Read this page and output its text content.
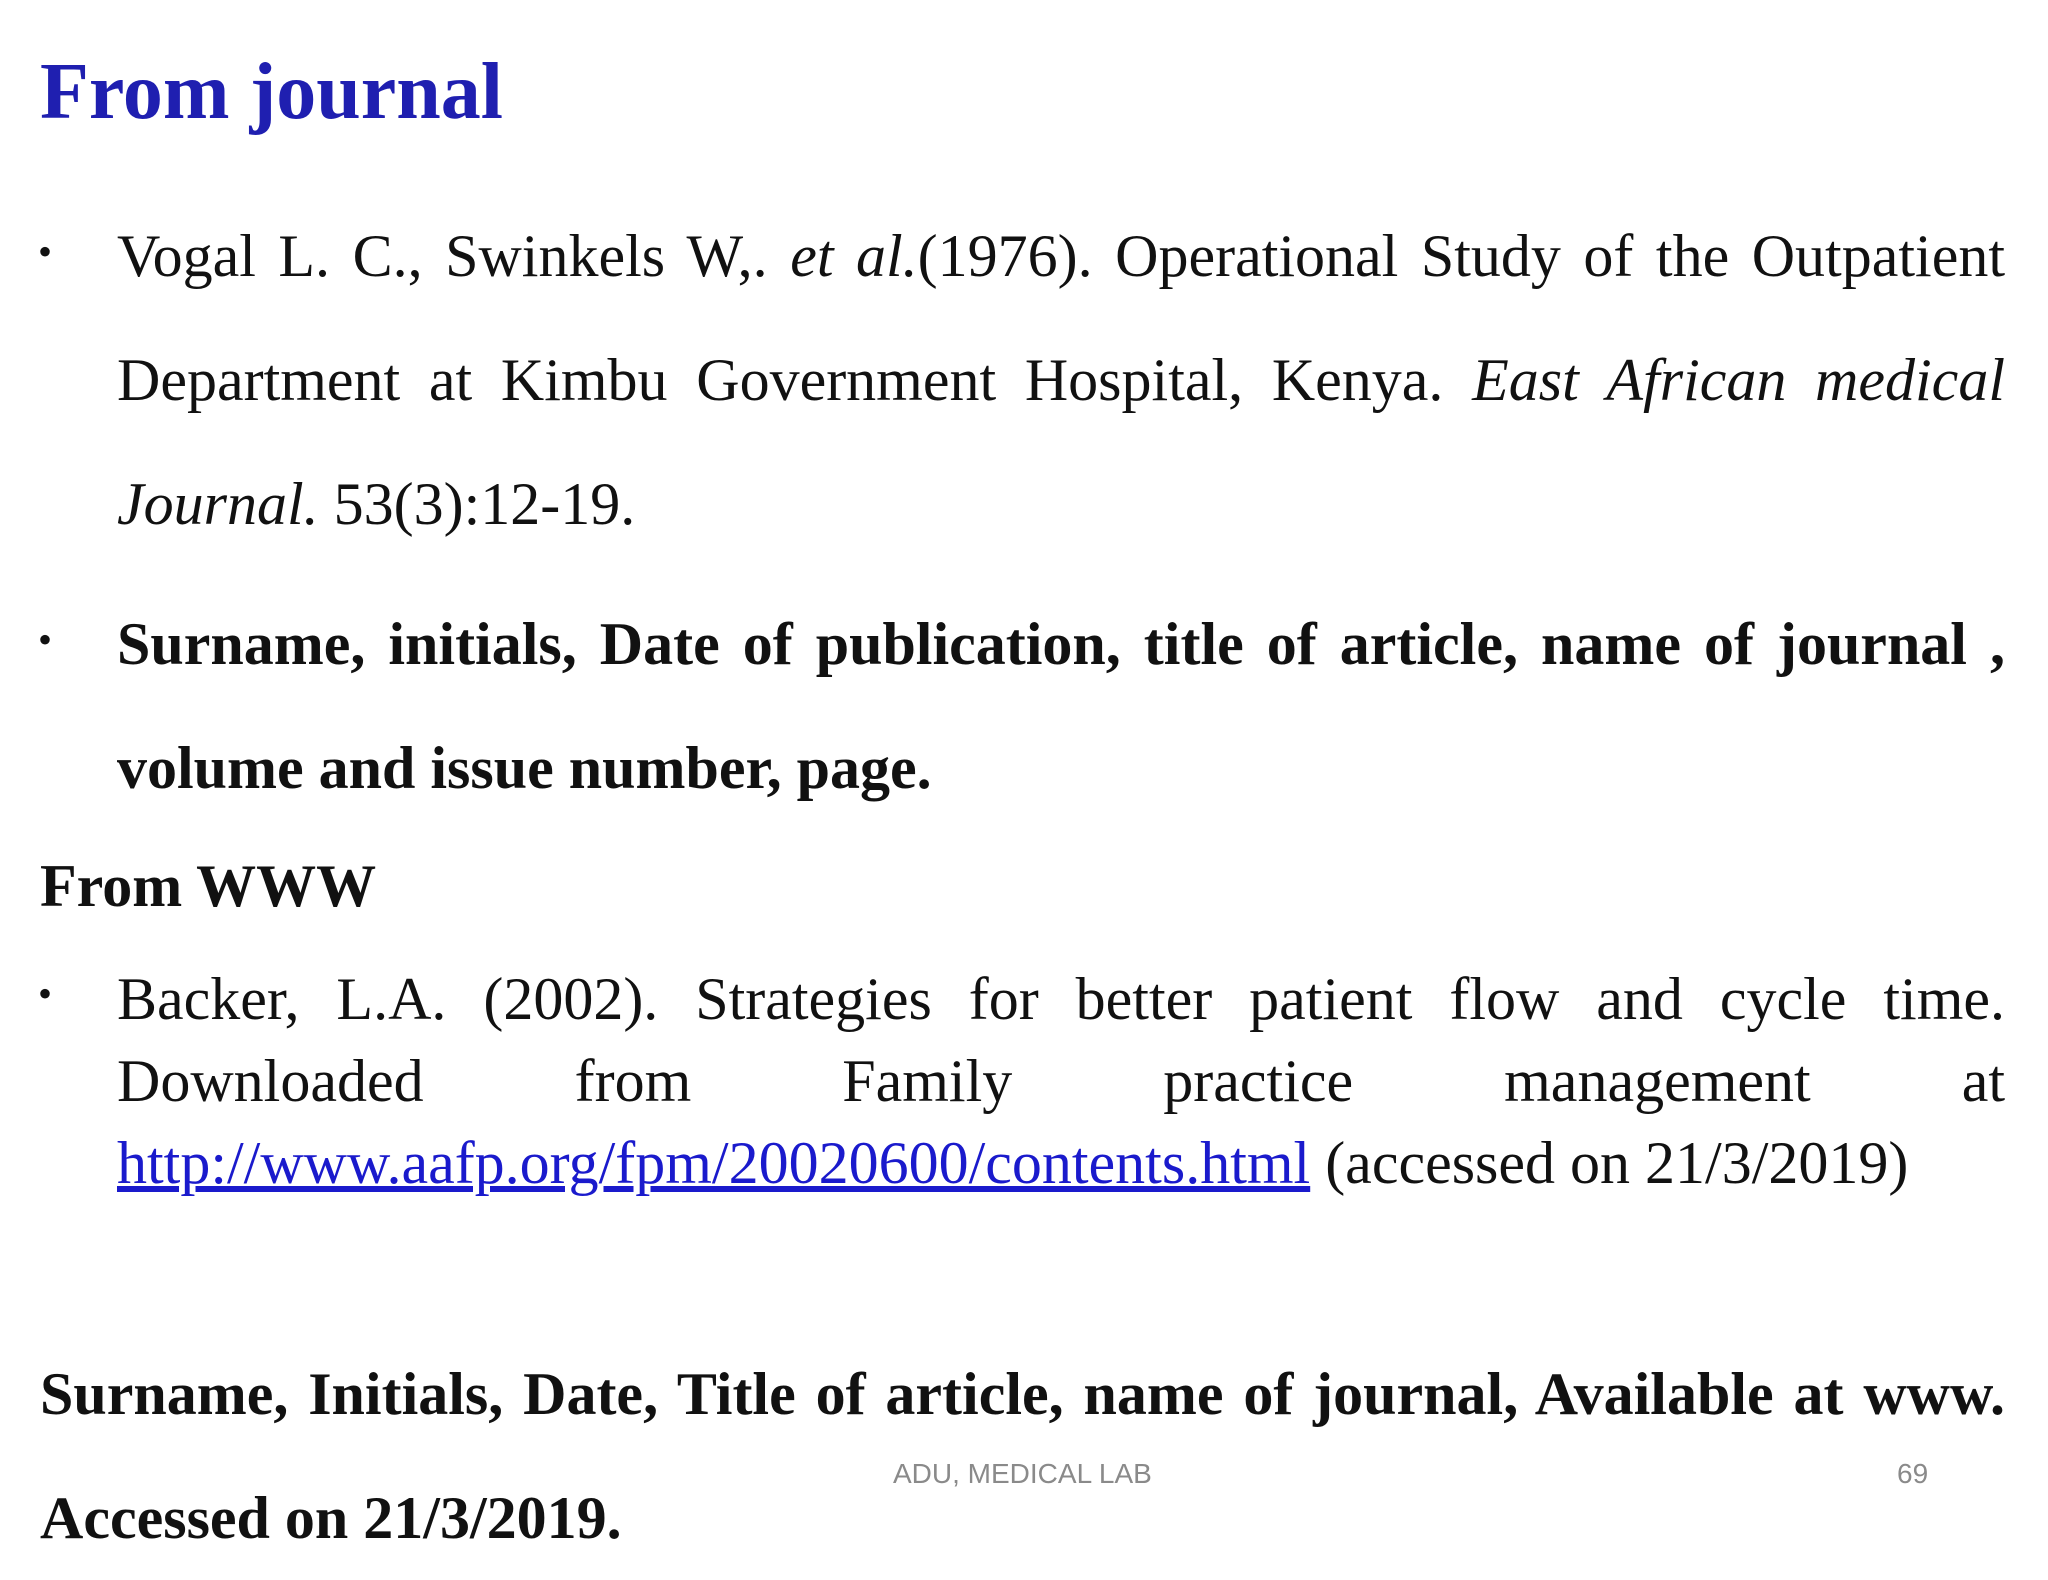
From journal
• Vogal L. C., Swinkels W,. et al.(1976). Operational Study of the Outpatient Department at Kimbu Government Hospital, Kenya. East African medical Journal. 53(3):12-19.
• Surname, initials, Date of publication, title of article, name of journal , volume and issue number, page.
From WWW
• Backer, L.A. (2002). Strategies for better patient flow and cycle time. Downloaded from Family practice management at http://www.aafp.org/fpm/20020600/contents.html (accessed on 21/3/2019)
Surname, Initials, Date, Title of article, name of journal, Available at www. Accessed on 21/3/2019.
ADU, MEDICAL LAB	69
